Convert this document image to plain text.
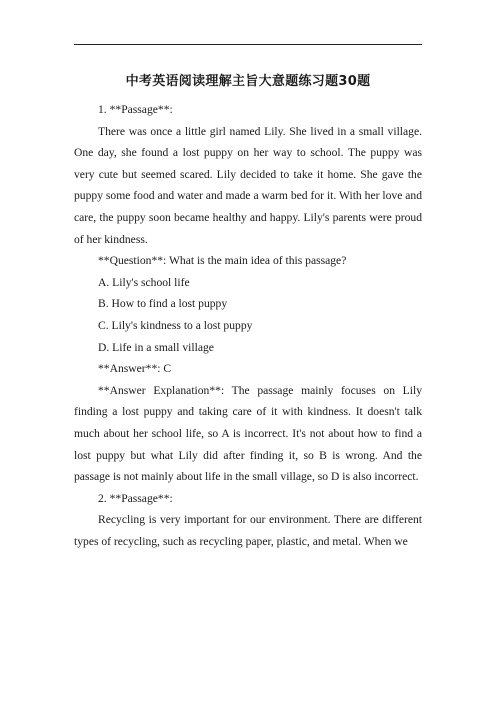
中考英语阅读理解主旨大意题练习题30题

1. **Passage**:

There was once a little girl named Lily. She lived in a small village. One day, she found a lost puppy on her way to school. The puppy was very cute but seemed scared. Lily decided to take it home. She gave the puppy some food and water and made a warm bed for it. With her love and care, the puppy soon became healthy and happy. Lily's parents were proud of her kindness.

**Question**: What is the main idea of this passage?

A. Lily's school life

B. How to find a lost puppy

C. Lily's kindness to a lost puppy

D. Life in a small village

**Answer**: C

**Answer Explanation**: The passage mainly focuses on Lily finding a lost puppy and taking care of it with kindness. It doesn't talk much about her school life, so A is incorrect. It's not about how to find a lost puppy but what Lily did after finding it, so B is wrong. And the passage is not mainly about life in the small village, so D is also incorrect.

2. **Passage**:

Recycling is very important for our environment. There are different types of recycling, such as recycling paper, plastic, and metal. When we
